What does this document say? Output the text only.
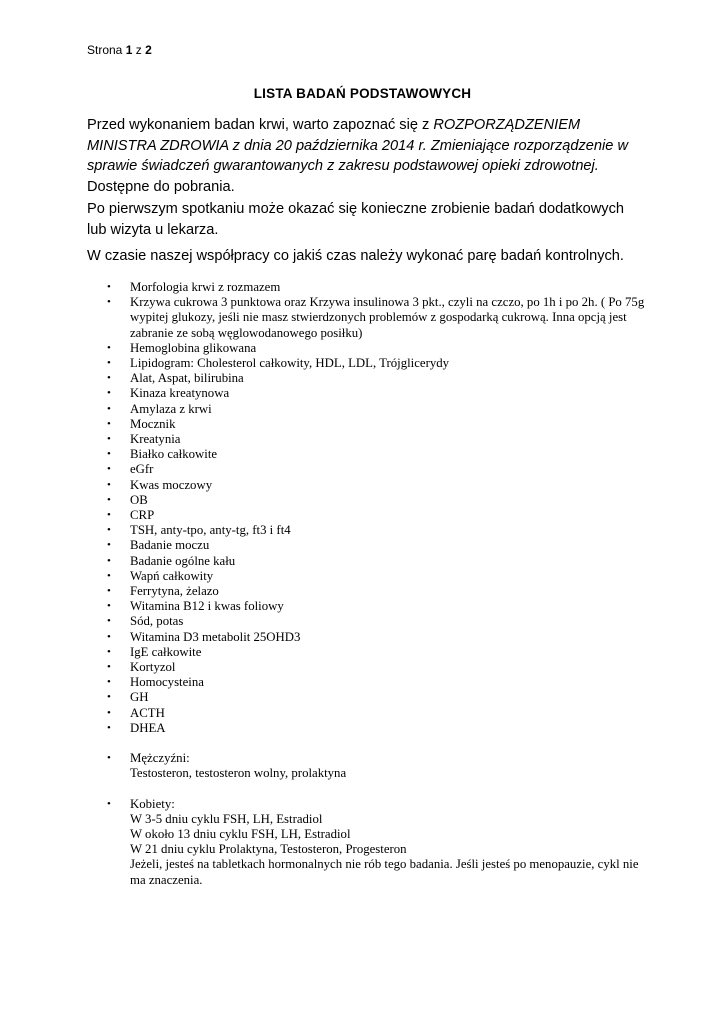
Strona 1 z 2
LISTA BADAŃ PODSTAWOWYCH
Przed wykonaniem badan krwi, warto zapoznać się z ROZPORZĄDZENIEM MINISTRA ZDROWIA z dnia 20 października 2014 r. Zmieniające rozporządzenie w sprawie świadczeń gwarantowanych z zakresu podstawowej opieki zdrowotnej. Dostępne do pobrania.
Po pierwszym spotkaniu może okazać się konieczne zrobienie badań dodatkowych lub wizyta u lekarza.
W czasie naszej współpracy co jakiś czas należy wykonać parę badań kontrolnych.
• Morfologia krwi z rozmazem
• Krzywa cukrowa 3 punktowa oraz Krzywa insulinowa 3 pkt., czyli na czczo, po 1h i po 2h. ( Po 75g wypitej glukozy, jeśli nie masz stwierdzonych problemów z gospodarką cukrową. Inna opcją jest zabranie ze sobą węglowodanowego posiłku)
• Hemoglobina glikowana
• Lipidogram: Cholesterol całkowity, HDL, LDL, Trójglicerydy
• Alat, Aspat, bilirubina
• Kinaza kreatynowa
• Amylaza z krwi
• Mocznik
• Kreatynia
• Białko całkowite
• eGfr
• Kwas moczowy
• OB
• CRP
• TSH, anty-tpo, anty-tg, ft3 i ft4
• Badanie moczu
• Badanie ogólne kału
• Wapń całkowity
• Ferrytyna, żelazo
• Witamina B12 i kwas foliowy
• Sód, potas
• Witamina D3 metabolit 25OHD3
• IgE całkowite
• Kortyzol
• Homocysteina
• GH
• ACTH
• DHEA
• Mężczyźni:
Testosteron, testosteron wolny, prolaktyna
• Kobiety:
W 3-5 dniu cyklu FSH, LH, Estradiol
W około 13 dniu cyklu FSH, LH, Estradiol
W 21 dniu cyklu Prolaktyna, Testosteron, Progesteron
Jeżeli, jesteś na tabletkach hormonalnych nie rób tego badania. Jeśli jesteś po menopauzie, cykl nie ma znaczenia.
